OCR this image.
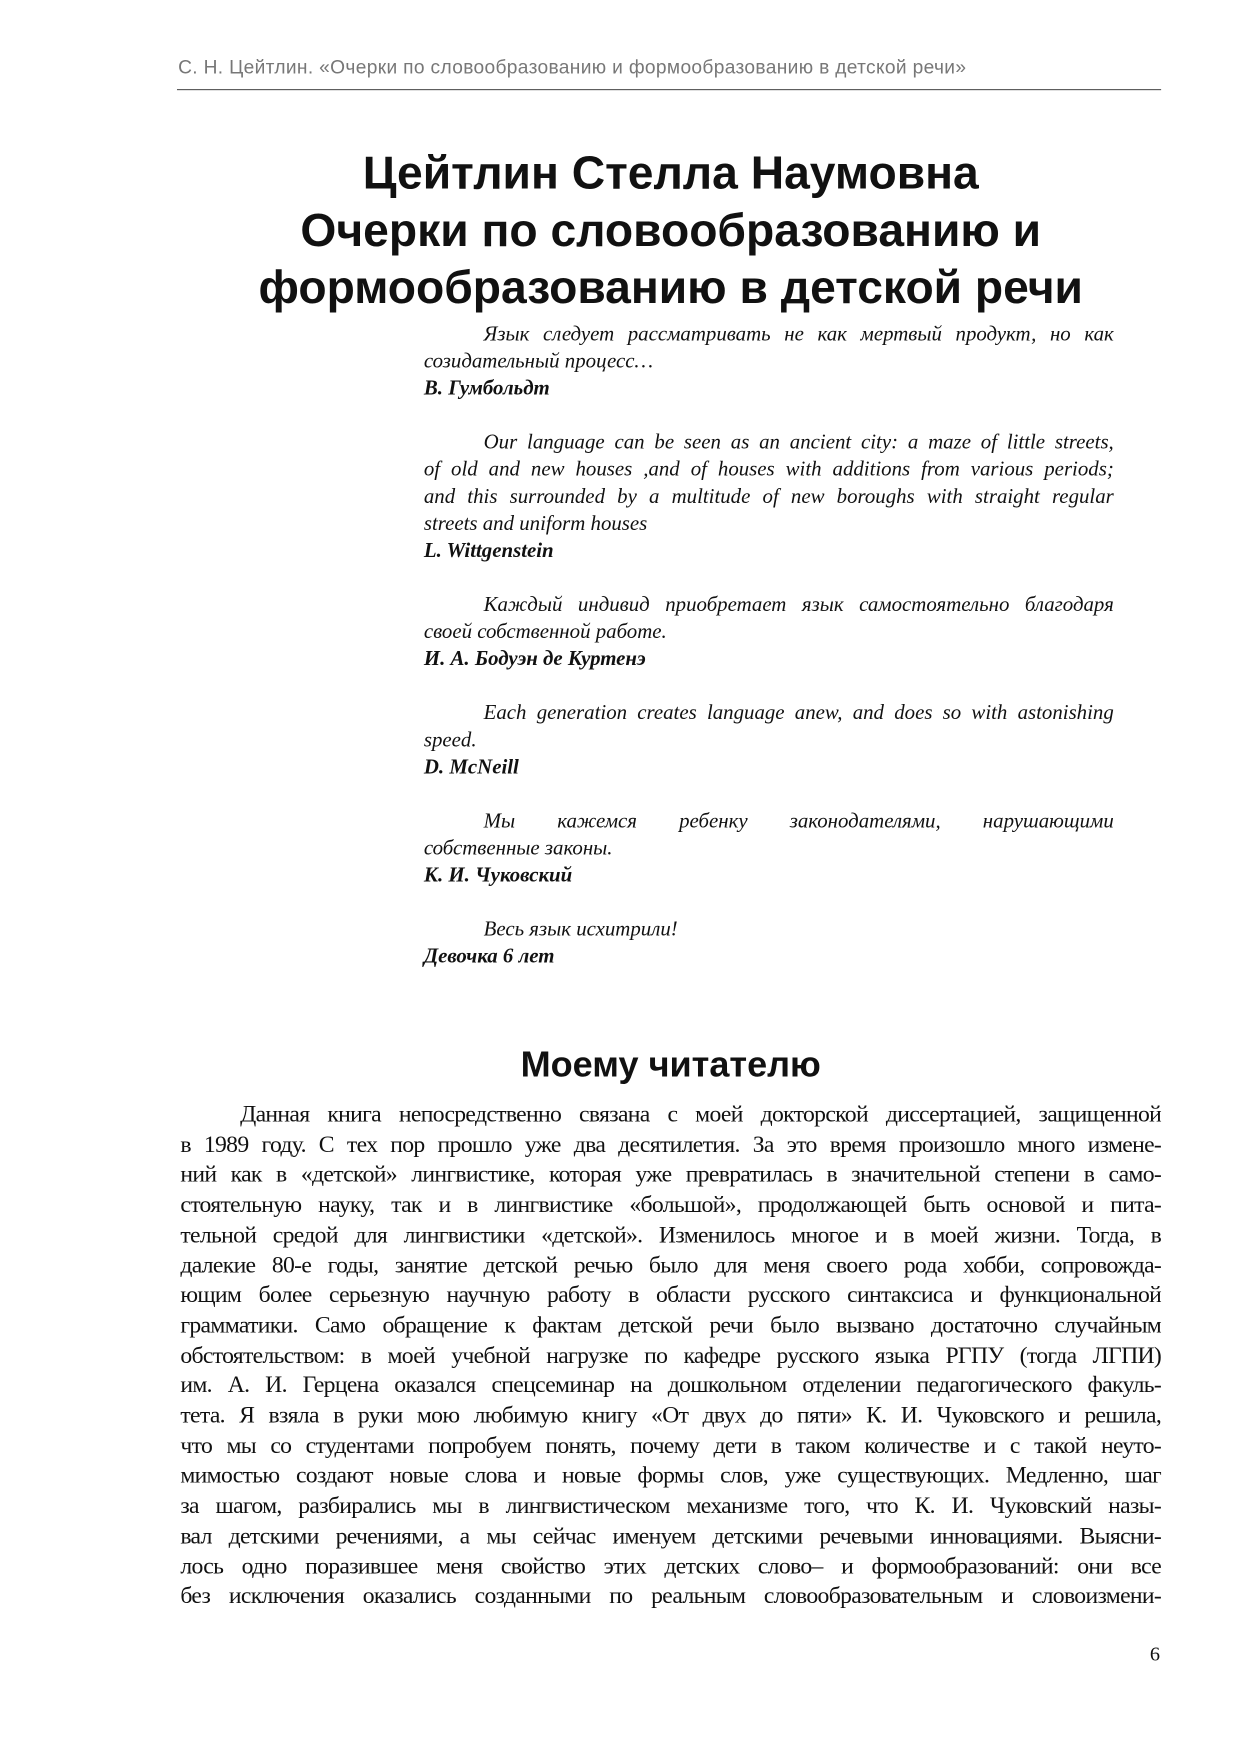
С. Н. Цейтлин. «Очерки по словообразованию и формообразованию в детской речи»
Цейтлин Стелла Наумовна
Очерки по словообразованию и
формообразованию в детской речи
Язык следует рассматривать не как мертвый продукт, но как
созидательный процесс…
В. Гумбольдт
Our language can be seen as an ancient city: a maze of little streets,
of old and new houses ,and of houses with additions from various periods;
and this surrounded by a multitude of new boroughs with straight regular
streets and uniform houses
L. Wittgenstein
Каждый индивид приобретает язык самостоятельно благодаря
своей собственной работе.
И. А. Бодуэн де Куртенэ
Each generation creates language anew, and does so with astonishing
speed.
D. McNeill
Мы кажемся ребенку законодателями, нарушающими
собственные законы.
К. И. Чуковский
Весь язык исхитрили!
Девочка 6 лет
Моему читателю
Данная книга непосредственно связана с моей докторской диссертацией, защищенной
в 1989 году. С тех пор прошло уже два десятилетия. За это время произошло много измене-
ний как в «детской» лингвистике, которая уже превратилась в значительной степени в само-
стоятельную науку, так и в лингвистике «большой», продолжающей быть основой и пита-
тельной средой для лингвистики «детской». Изменилось многое и в моей жизни. Тогда, в
далекие 80-е годы, занятие детской речью было для меня своего рода хобби, сопровожда-
ющим более серьезную научную работу в области русского синтаксиса и функциональной
грамматики. Само обращение к фактам детской речи было вызвано достаточно случайным
обстоятельством: в моей учебной нагрузке по кафедре русского языка РГПУ (тогда ЛГПИ)
им. А. И. Герцена оказался спецсеминар на дошкольном отделении педагогического факуль-
тета. Я взяла в руки мою любимую книгу «От двух до пяти» К. И. Чуковского и решила,
что мы со студентами попробуем понять, почему дети в таком количестве и с такой неуто-
мимостью создают новые слова и новые формы слов, уже существующих. Медленно, шаг
за шагом, разбирались мы в лингвистическом механизме того, что К. И. Чуковский назы-
вал детскими речениями, а мы сейчас именуем детскими речевыми инновациями. Выясни-
лось одно поразившее меня свойство этих детских слово– и формообразований: они все
без исключения оказались созданными по реальным словообразовательным и словоизмени-
6
